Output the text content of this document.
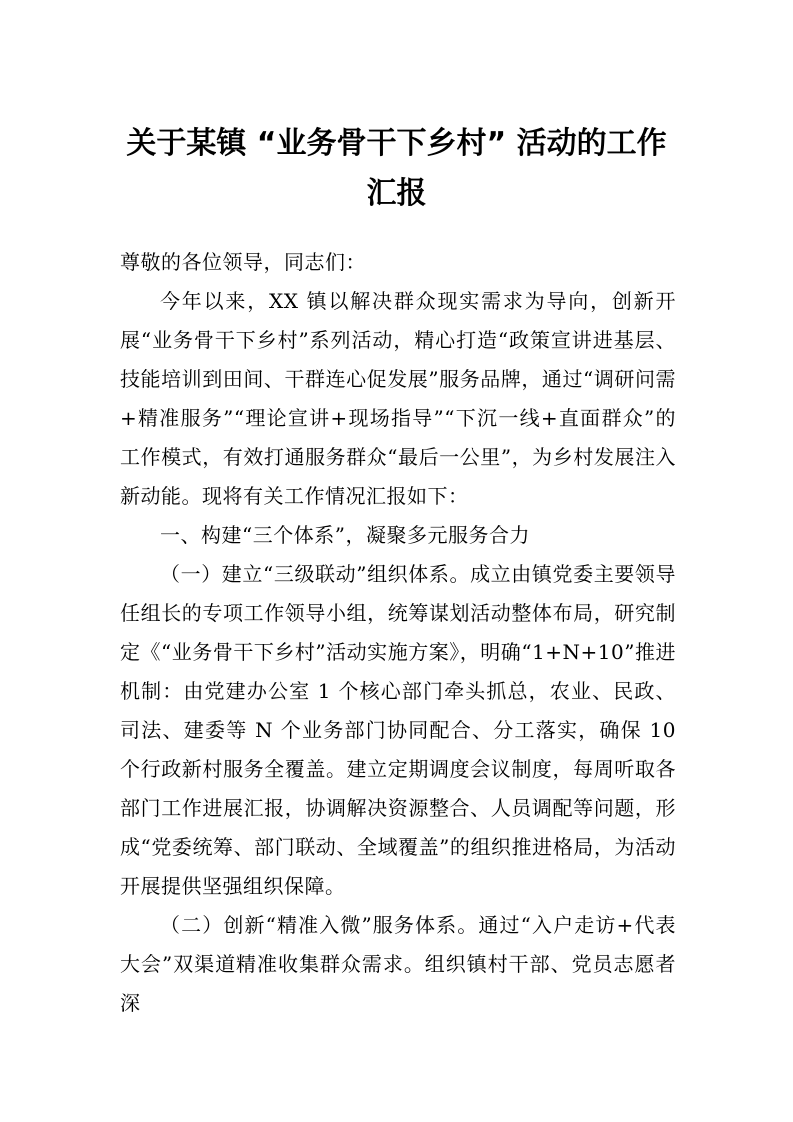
关于某镇 “业务骨干下乡村” 活动的工作
汇报
尊敬的各位领导，同志们：

今年以来，XX 镇以解决群众现实需求为导向，创新开展“业务骨干下乡村”系列活动，精心打造“政策宣讲进基层、技能培训到田间、干群连心促发展”服务品牌，通过“调研问需+精准服务”“理论宣讲+现场指导”“下沉一线+直面群众”的工作模式，有效打通服务群众“最后一公里”，为乡村发展注入新动能。现将有关工作情况汇报如下：

一、构建“三个体系”，凝聚多元服务合力

（一）建立“三级联动”组织体系。成立由镇党委主要领导任组长的专项工作领导小组，统筹谋划活动整体布局，研究制定《“业务骨干下乡村”活动实施方案》，明确“1+N+10”推进机制：由党建办公室 1 个核心部门牵头抓总，农业、民政、司法、建委等 N 个业务部门协同配合、分工落实，确保 10 个行政新村服务全覆盖。建立定期调度会议制度，每周听取各部门工作进展汇报，协调解决资源整合、人员调配等问题，形成“党委统筹、部门联动、全域覆盖”的组织推进格局，为活动开展提供坚强组织保障。

（二）创新“精准入微”服务体系。通过“入户走访+代表大会”双渠道精准收集群众需求。组织镇村干部、党员志愿者深
